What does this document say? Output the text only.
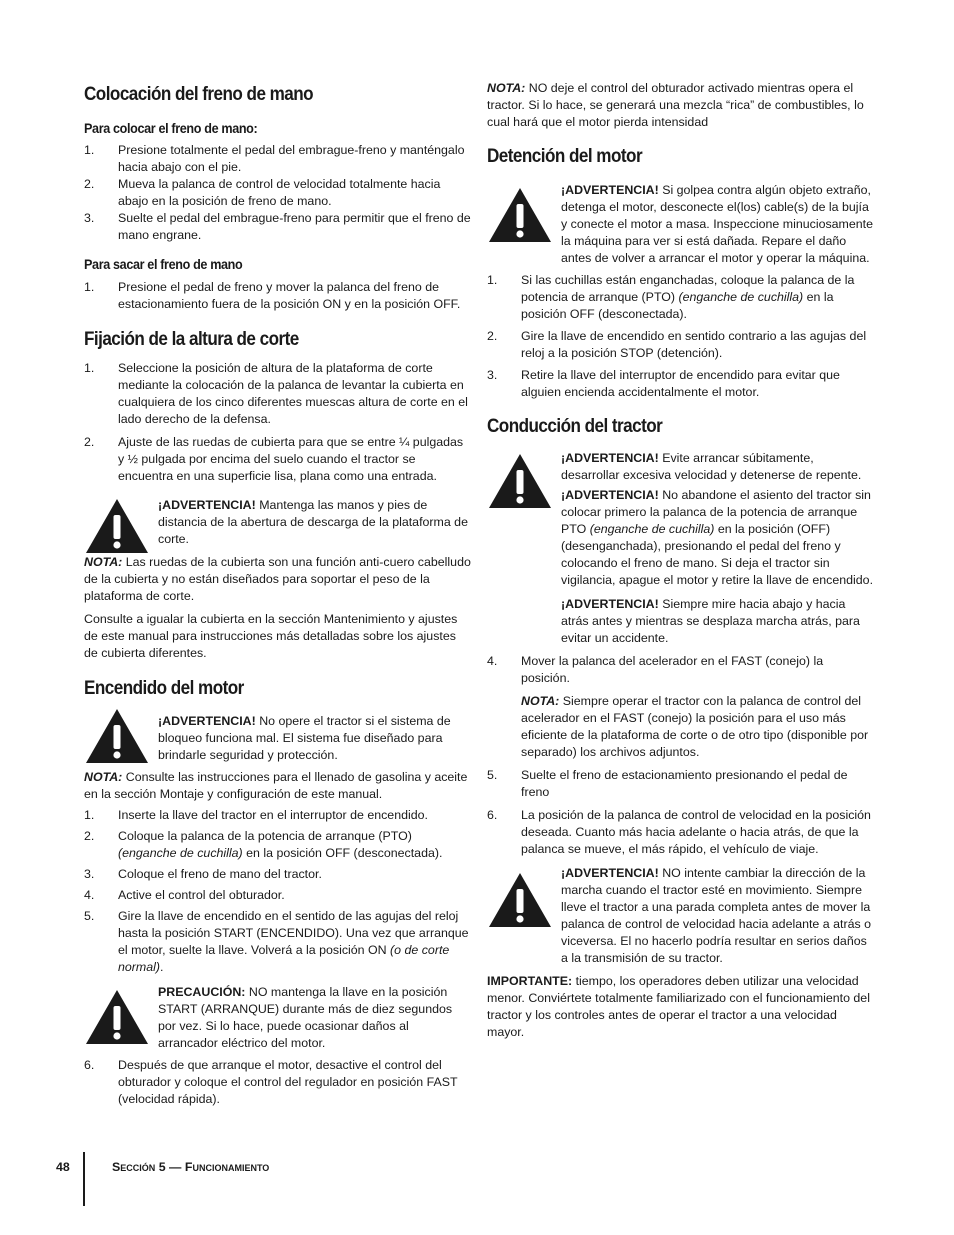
Colocación del freno de mano
Para colocar el freno de mano:
1. Presione totalmente el pedal del embrague-freno y manténgalo hacia abajo con el pie.
2. Mueva la palanca de control de velocidad totalmente hacia abajo en la posición de freno de mano.
3. Suelte el pedal del embrague-freno para permitir que el freno de mano engrane.
Para sacar el freno de mano
1. Presione el pedal de freno y mover la palanca del freno de estacionamiento fuera de la posición ON y en la posición OFF.
Fijación de la altura de corte
1. Seleccione la posición de altura de la plataforma de corte mediante la colocación de la palanca de levantar la cubierta en cualquiera de los cinco diferentes muescas altura de corte en el lado derecho de la defensa.
2. Ajuste de las ruedas de cubierta para que se entre ¼ pulgadas y ½ pulgada por encima del suelo cuando el tractor se encuentra en una superficie lisa, plana como una entrada.

¡ADVERTENCIA! Mantenga las manos y pies de distancia de la abertura de descarga de la plataforma de corte.

NOTA: Las ruedas de la cubierta son una función anti-cuero cabelludo de la cubierta y no están diseñados para soportar el peso de la plataforma de corte.

Consulte a igualar la cubierta en la sección Mantenimiento y ajustes de este manual para instrucciones más detalladas sobre los ajustes de cubierta diferentes.

Encendido del motor

¡ADVERTENCIA! No opere el tractor si el sistema de bloqueo funciona mal. El sistema fue diseñado para brindarle seguridad y protección.

NOTA: Consulte las instrucciones para el llenado de gasolina y aceite en la sección Montaje y configuración de este manual.

1. Inserte la llave del tractor en el interruptor de encendido.
2. Coloque la palanca de la potencia de arranque (PTO) (enganche de cuchilla) en la posición OFF (desconectada).
3. Coloque el freno de mano del tractor.
4. Active el control del obturador.
5. Gire la llave de encendido en el sentido de las agujas del reloj hasta la posición START (ENCENDIDO). Una vez que arranque el motor, suelte la llave. Volverá a la posición ON (o de corte normal).

PRECAUCIÓN: NO mantenga la llave en la posición START (ARRANQUE) durante más de diez segundos por vez. Si lo hace, puede ocasionar daños al arrancador eléctrico del motor.

6. Después de que arranque el motor, desactive el control del obturador y coloque el control del regulador en posición FAST (velocidad rápida).

NOTA: NO deje el control del obturador activado mientras opera el tractor. Si lo hace, se generará una mezcla “rica” de combustibles, lo cual hará que el motor pierda intensidad

Detención del motor

¡ADVERTENCIA! Si golpea contra algún objeto extraño, detenga el motor, desconecte el(los) cable(s) de la bujía y conecte el motor a masa. Inspeccione minuciosamente la máquina para ver si está dañada. Repare el daño antes de volver a arrancar el motor y operar la máquina.

1. Si las cuchillas están enganchadas, coloque la palanca de la potencia de arranque (PTO) (enganche de cuchilla) en la posición OFF (desconectada).
2. Gire la llave de encendido en sentido contrario a las agujas del reloj a la posición STOP (detención).
3. Retire la llave del interruptor de encendido para evitar que alguien encienda accidentalmente el motor.
Conducción del tractor

¡ADVERTENCIA! Evite arrancar súbitamente, desarrollar excesiva velocidad y detenerse de repente.

¡ADVERTENCIA! No abandone el asiento del tractor sin colocar primero la palanca de la potencia de arranque PTO (enganche de cuchilla) en la posición (OFF) (desenganchada), presionando el pedal del freno y colocando el freno de mano. Si deja el tractor sin vigilancia, apague el motor y retire la llave de encendido.

¡ADVERTENCIA! Siempre mire hacia abajo y hacia atrás antes y mientras se desplaza marcha atrás, para evitar un accidente.

4. Mover la palanca del acelerador en el FAST (conejo) la posición.

NOTA: Siempre operar el tractor con la palanca de control del acelerador en el FAST (conejo) la posición para el uso más eficiente de la plataforma de corte o de otro tipo (disponible por separado) los archivos adjuntos.

5. Suelte el freno de estacionamiento presionando el pedal de freno
6. La posición de la palanca de control de velocidad en la posición deseada. Cuanto más hacia adelante o hacia atrás, de que la palanca se mueve, el más rápido, el vehículo de viaje.

¡ADVERTENCIA! NO intente cambiar la dirección de la marcha cuando el tractor esté en movimiento. Siempre lleve el tractor a una parada completa antes de mover la palanca de control de velocidad hacia adelante a atrás o viceversa. El no hacerlo podría resultar en serios daños a la transmisión de su tractor.

IMPORTANTE: tiempo, los operadores deben utilizar una velocidad menor. Conviértete totalmente familiarizado con el funcionamiento del tractor y los controles antes de operar el tractor a una velocidad mayor.

48	Sección 5 — Funcionamiento
